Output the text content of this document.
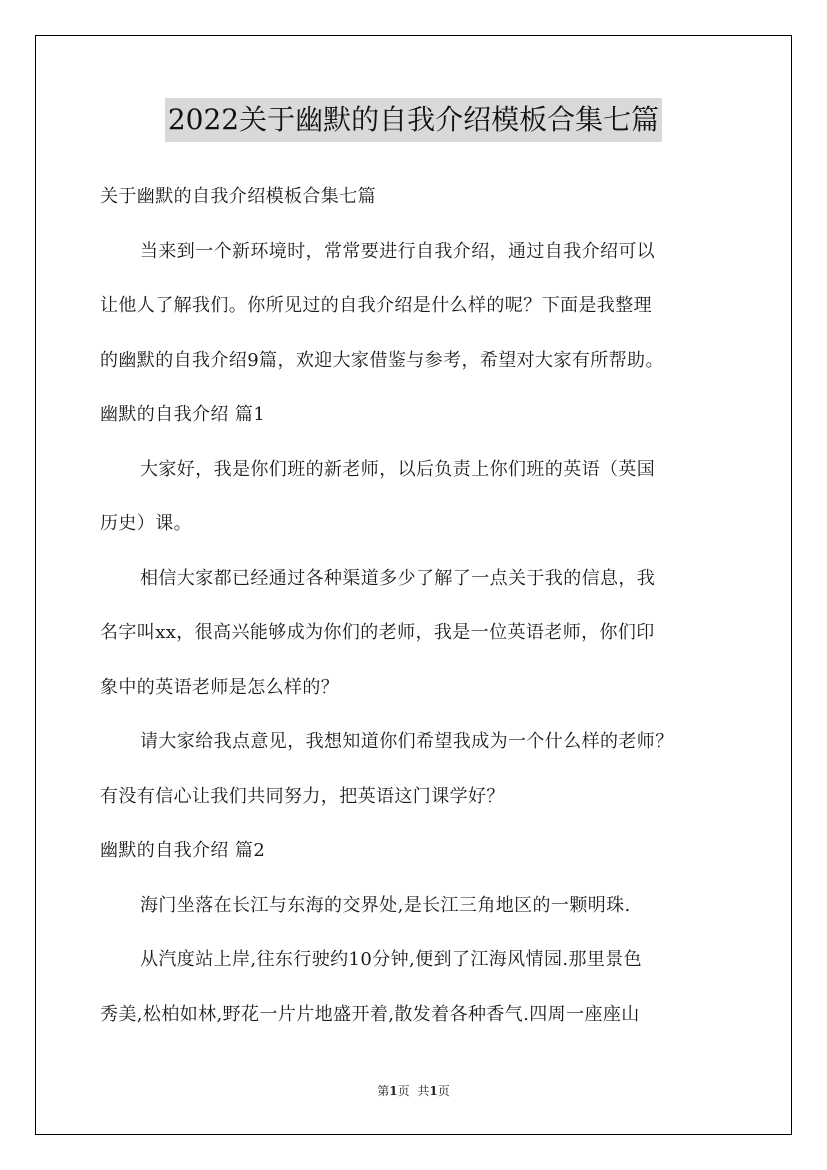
2022关于幽默的自我介绍模板合集七篇
关于幽默的自我介绍模板合集七篇
当来到一个新环境时，常常要进行自我介绍，通过自我介绍可以
让他人了解我们。你所见过的自我介绍是什么样的呢？下面是我整理
的幽默的自我介绍9篇，欢迎大家借鉴与参考，希望对大家有所帮助。
幽默的自我介绍 篇1
大家好，我是你们班的新老师，以后负责上你们班的英语（英国
历史）课。
相信大家都已经通过各种渠道多少了解了一点关于我的信息，我
名字叫xx，很高兴能够成为你们的老师，我是一位英语老师，你们印
象中的英语老师是怎么样的？
请大家给我点意见，我想知道你们希望我成为一个什么样的老师？
有没有信心让我们共同努力，把英语这门课学好？
幽默的自我介绍 篇2
海门坐落在长江与东海的交界处,是长江三角地区的一颗明珠.
从汽度站上岸,往东行驶约10分钟,便到了江海风情园.那里景色
秀美,松柏如林,野花一片片地盛开着,散发着各种香气.四周一座座山
第1页 共1页
